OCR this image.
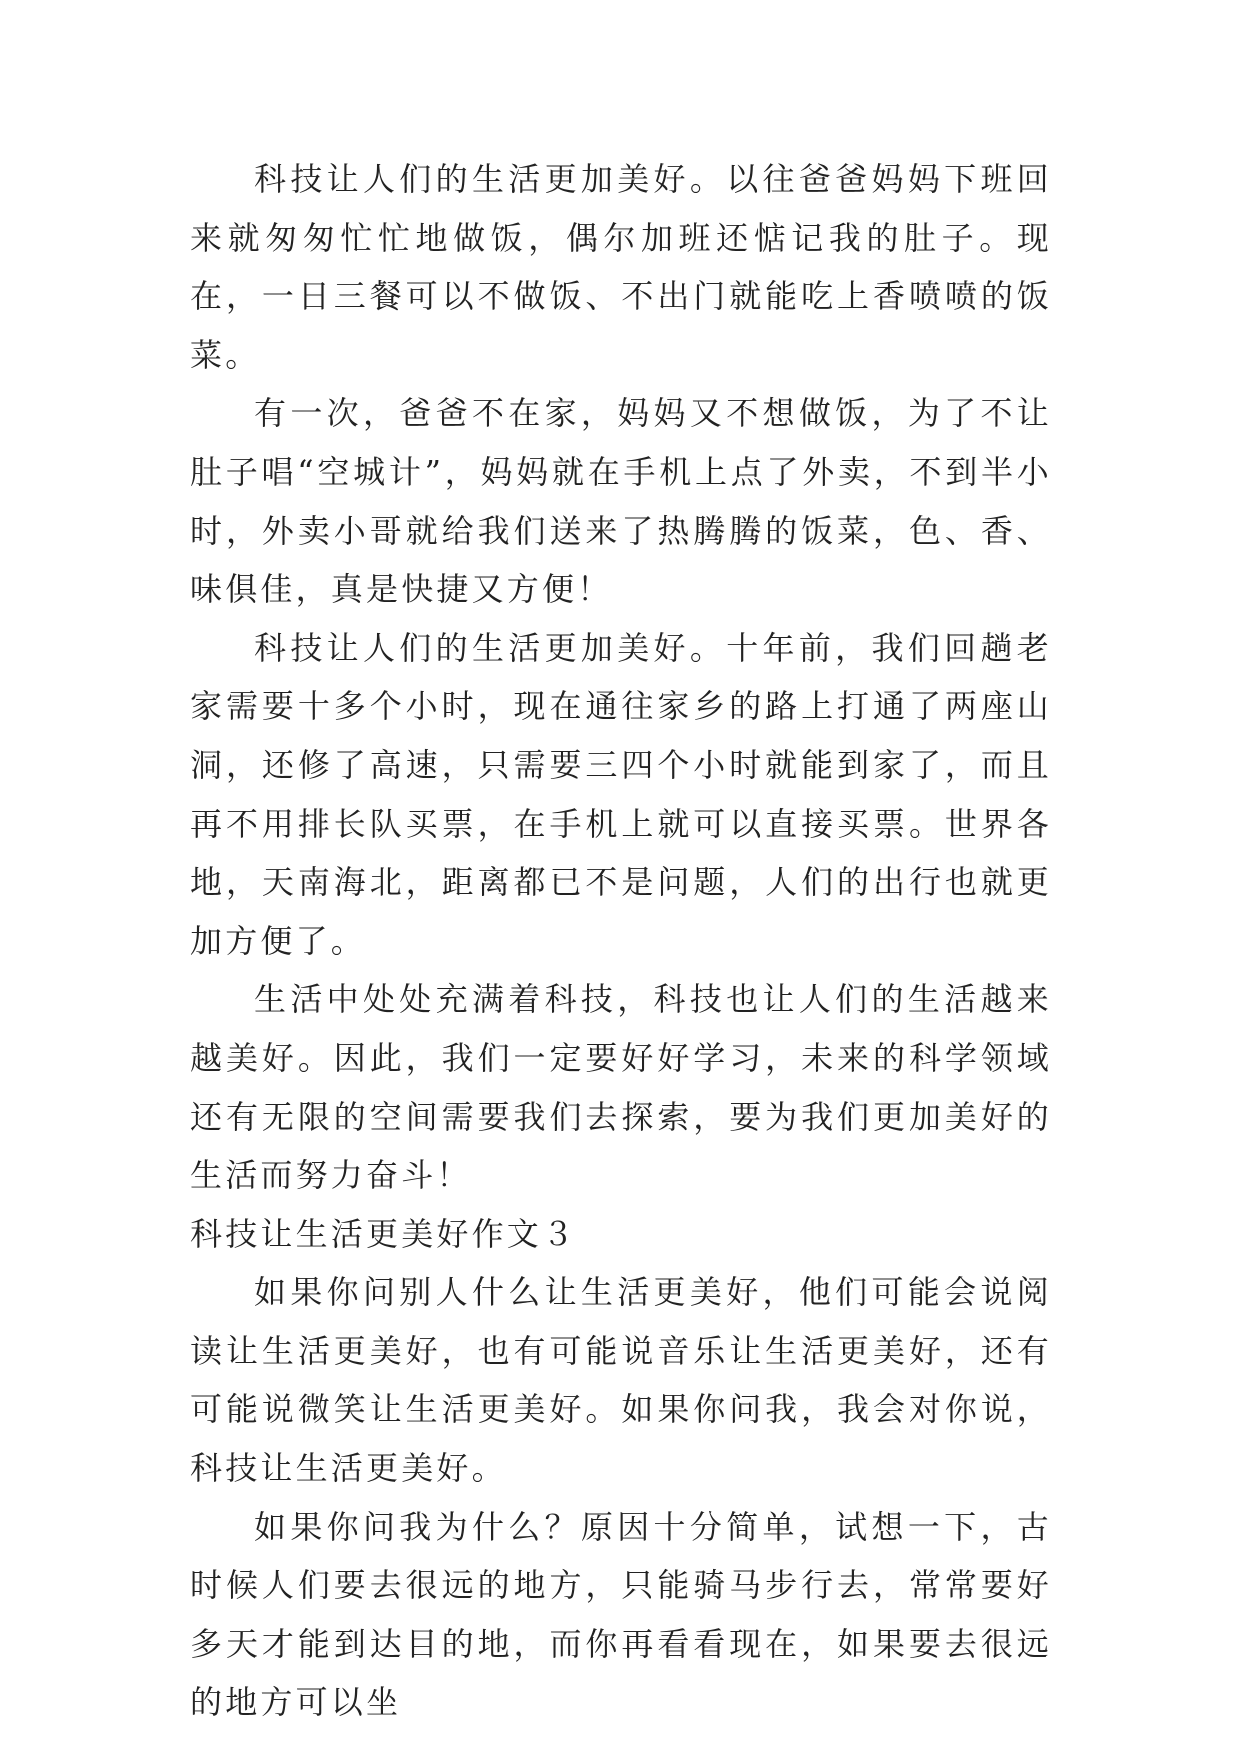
科技让人们的生活更加美好。以往爸爸妈妈下班回来就匆匆忙忙地做饭，偶尔加班还惦记我的肚子。现在，一日三餐可以不做饭、不出门就能吃上香喷喷的饭菜。

有一次，爸爸不在家，妈妈又不想做饭，为了不让肚子唱“空城计”，妈妈就在手机上点了外卖，不到半小时，外卖小哥就给我们送来了热腾腾的饭菜，色、香、味俱佳，真是快捷又方便！

科技让人们的生活更加美好。十年前，我们回趟老家需要十多个小时，现在通往家乡的路上打通了两座山洞，还修了高速，只需要三四个小时就能到家了，而且再不用排长队买票，在手机上就可以直接买票。世界各地，天南海北，距离都已不是问题，人们的出行也就更加方便了。

生活中处处充满着科技，科技也让人们的生活越来越美好。因此，我们一定要好好学习，未来的科学领域还有无限的空间需要我们去探索，要为我们更加美好的生活而努力奋斗！

科技让生活更美好作文３

如果你问别人什么让生活更美好，他们可能会说阅读让生活更美好，也有可能说音乐让生活更美好，还有可能说微笑让生活更美好。如果你问我，我会对你说，科技让生活更美好。

如果你问我为什么？原因十分简单，试想一下，古时候人们要去很远的地方，只能骑马步行去，常常要好多天才能到达目的地，而你再看看现在，如果要去很远的地方可以坐
